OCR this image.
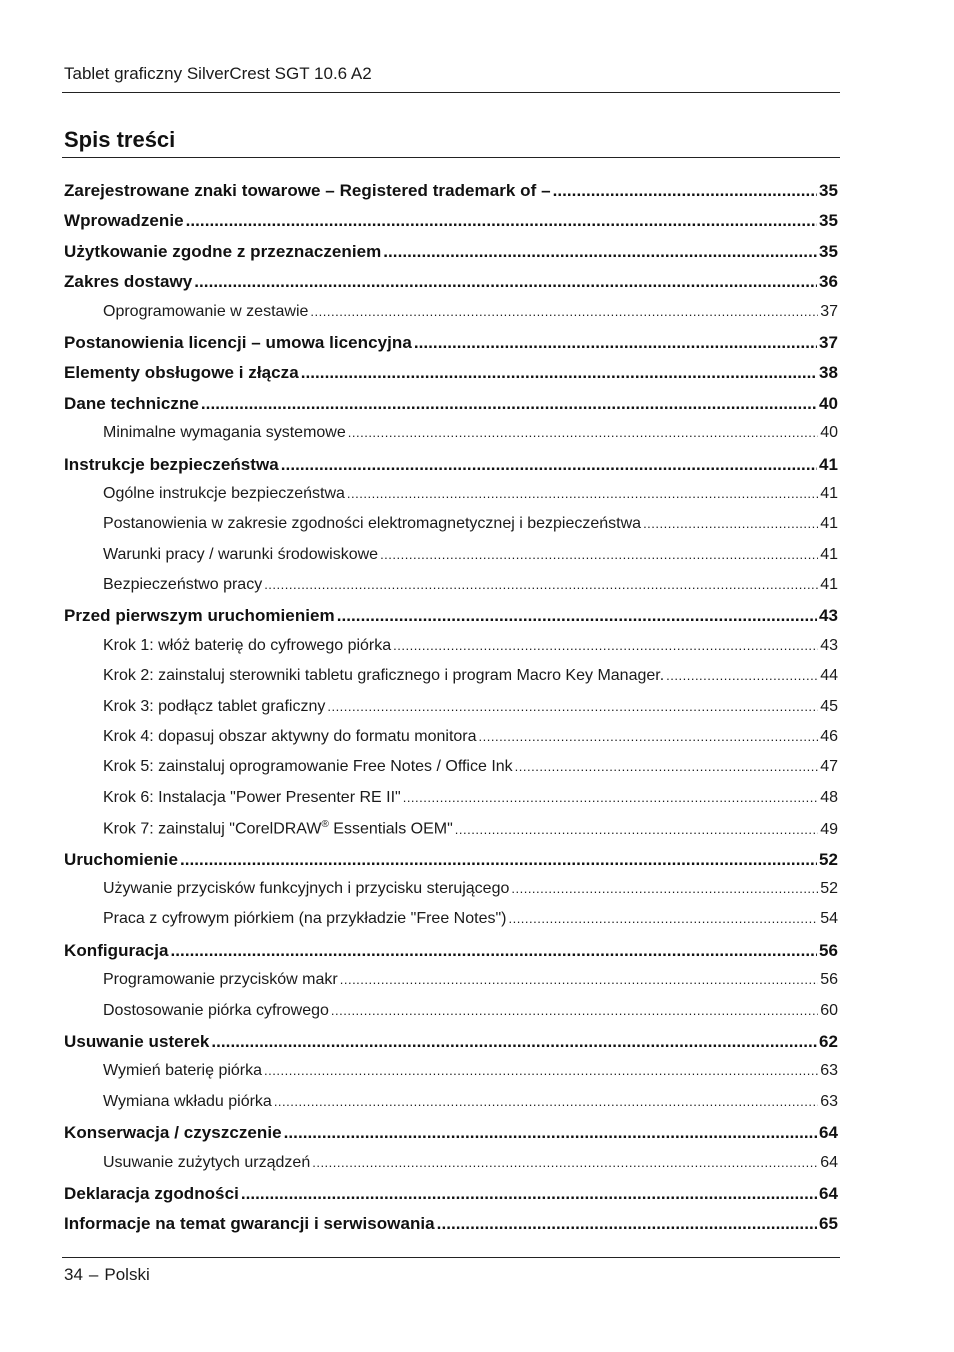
Tablet graficzny SilverCrest SGT 10.6 A2
Spis treści
Zarejestrowane znaki towarowe – Registered trademark of – .....	35
Wprowadzenie .....	35
Użytkowanie zgodne z przeznaczeniem .....	35
Zakres dostawy .....	36
Oprogramowanie w zestawie .....	37
Postanowienia licencji – umowa licencyjna .....	37
Elementy obsługowe i złącza .....	38
Dane techniczne .....	40
Minimalne wymagania systemowe .....	40
Instrukcje bezpieczeństwa .....	41
Ogólne instrukcje bezpieczeństwa .....	41
Postanowienia w zakresie zgodności elektromagnetycznej i bezpieczeństwa .....	41
Warunki pracy / warunki środowiskowe .....	41
Bezpieczeństwo pracy .....	41
Przed pierwszym uruchomieniem .....	43
Krok 1: włóż baterię do cyfrowego piórka .....	43
Krok 2: zainstaluj sterowniki tabletu graficznego i program Macro Key Manager. .....	44
Krok 3: podłącz tablet graficzny .....	45
Krok 4: dopasuj obszar aktywny do formatu monitora .....	46
Krok 5: zainstaluj oprogramowanie Free Notes / Office Ink .....	47
Krok 6: Instalacja "Power Presenter RE II" .....	48
Krok 7: zainstaluj "CorelDRAW® Essentials OEM" .....	49
Uruchomienie .....	52
Używanie przycisków funkcyjnych i przycisku sterującego .....	52
Praca z cyfrowym piórkiem (na przykładzie "Free Notes") .....	54
Konfiguracja .....	56
Programowanie przycisków makr .....	56
Dostosowanie piórka cyfrowego .....	60
Usuwanie usterek .....	62
Wymień baterię piórka .....	63
Wymiana wkładu piórka .....	63
Konserwacja / czyszczenie .....	64
Usuwanie zużytych urządzeń .....	64
Deklaracja zgodności .....	64
Informacje na temat gwarancji i serwisowania .....	65
34 – Polski
